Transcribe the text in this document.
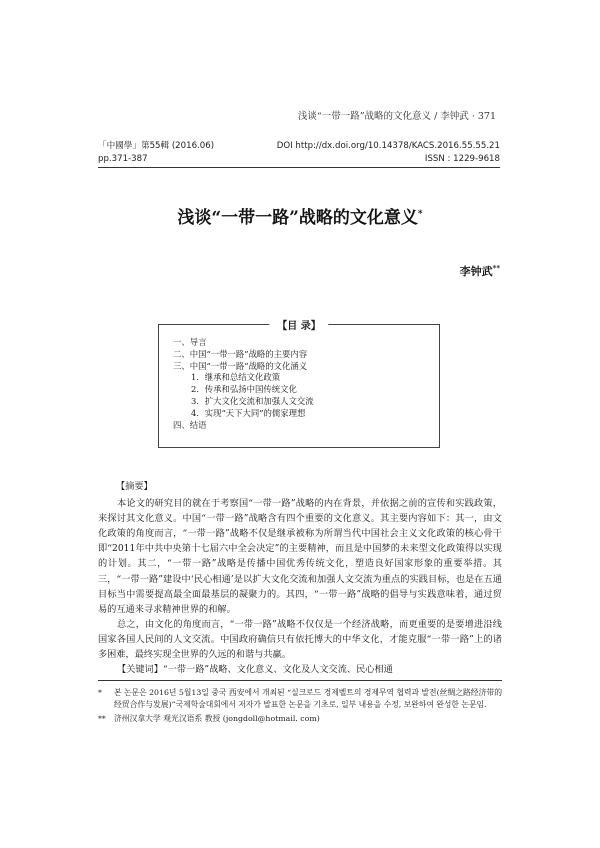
浅谈“一带一路”战略的文化意义 / 李钟武 · 371
「中國學」第55輯 (2016.06)	DOI http://dx.doi.org/10.14378/KACS.2016.55.55.21
pp.371-387	ISSN : 1229-9618
浅谈“一带一路”战略的文化意义*
李钟武**
【目 录】
一、导言
二、中国“一带一路”战略的主要内容
三、中国“一带一路”战略的文化涵义
1．继承和总结文化政策
2．传承和弘扬中国传统文化
3．扩大文化交流和加强人文交流
4．实现“天下大同”的儒家理想
四、结语
【摘要】

本论文的研究目的就在于考察国“一带一路”战略的内在背景，并依据之前的宣传和实践政策，来探讨其文化意义。中国“一带一路”战略含有四个重要的文化意义。其主要内容如下：其一，由文化政策的角度而言，“一带一路”战略不仅是继承被称为所谓当代中国社会主义文化政策的核心骨干即“2011年中共中央第十七届六中全会决定”的主要精神，而且是中国梦的未来型文化政策得以实现的计划。其二，“一带一路”战略是传播中国优秀传统文化，塑造良好国家形象的重要举措。其三，“一带一路”建设中‘民心相通’是以扩大文化交流和加强人文交流为重点的实践目标，也是在五通目标当中需要提高最全面最基层的凝聚力的。其四，“一带一路”战略的倡导与实践意味着，通过贸易的互通来寻求精神世界的和解。

总之，由文化的角度而言，“一带一路”战略不仅仅是一个经济战略，而更重要的是要增进沿线国家各国人民间的人文交流。中国政府确信只有依托博大的中华文化，才能克服“一带一路”上的诸多困难，最终实现全世界的久远的和谐与共赢。

【关键词】“一带一路”战略、文化意义、文化及人文交流、民心相通

*	본 논문은 2016년 5월13일 중국 西安에서 개최된 “실크로드 경제벨트의 경제무역 협력과 발전(丝绸之路经济带的经贸合作与发展)”국제학술대회에서 저자가 발표한 논문을 기초로, 일부 내용을 수정, 보완하여 완성한 논문임.
**	济州汉拿大学 观光汉语系 教授 (jongdoll@hotmail. com)
